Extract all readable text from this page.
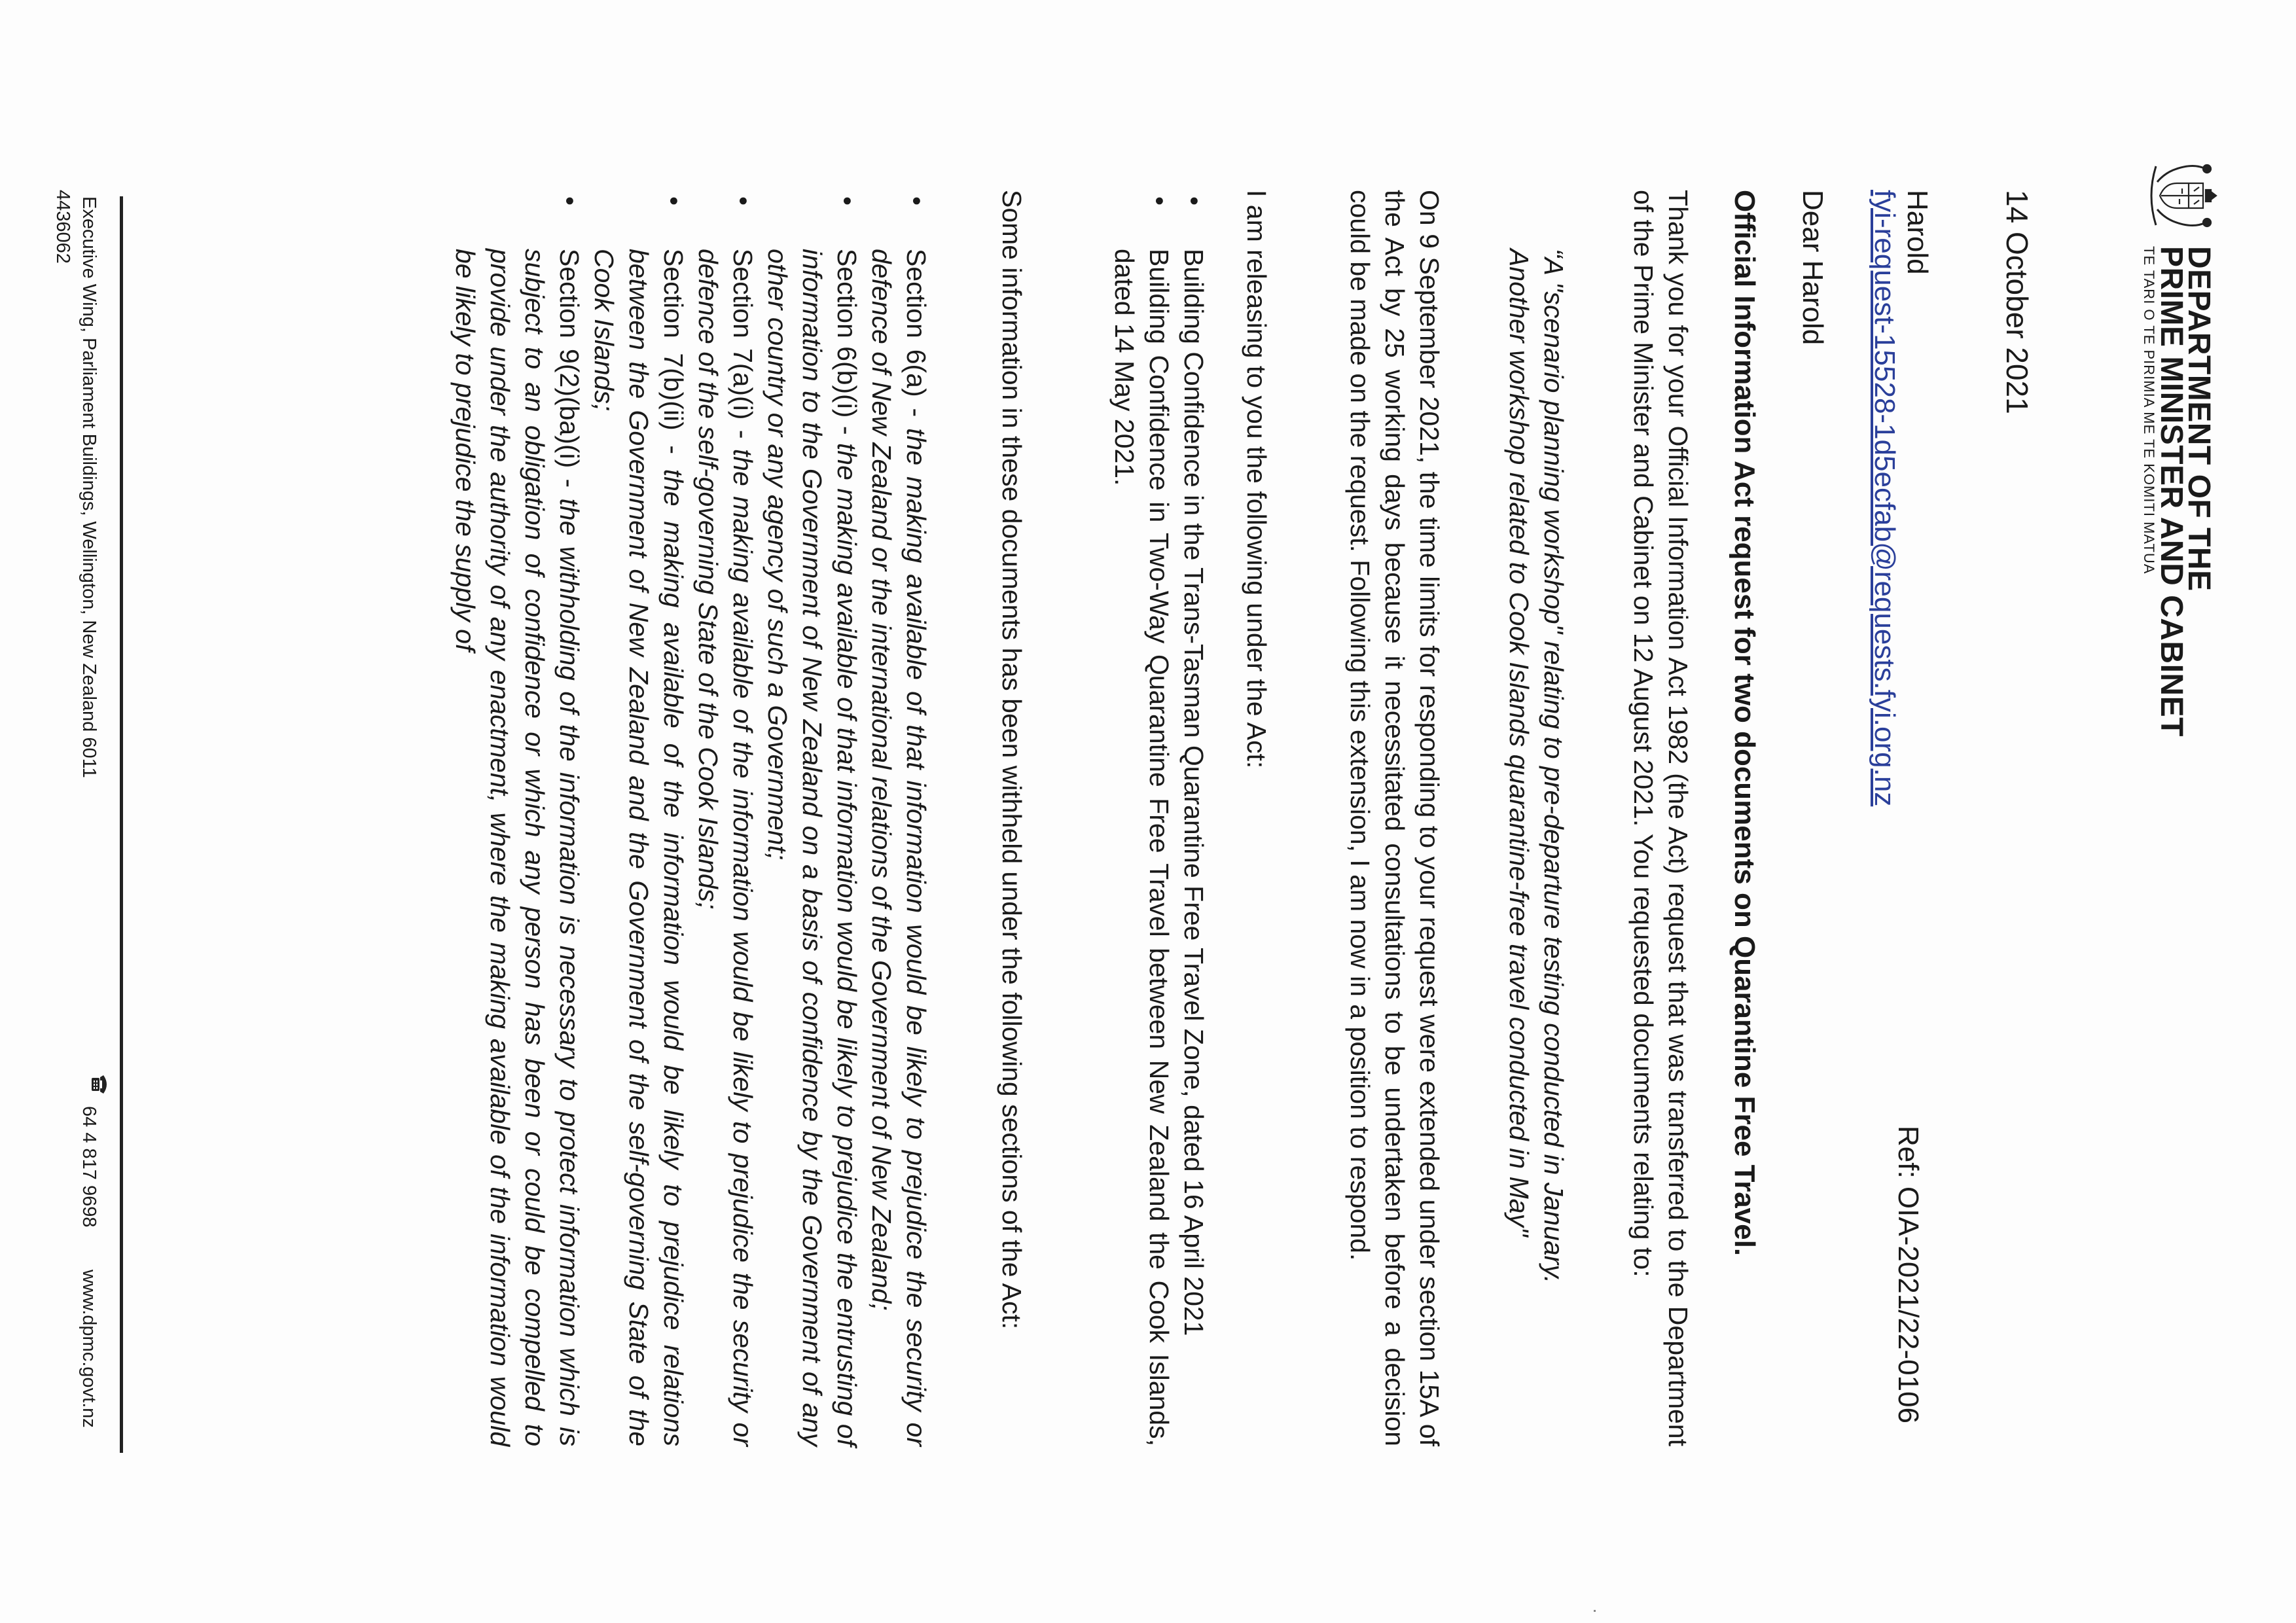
DEPARTMENT OF THE
PRIME MINISTER AND CABINET
TE TARI O TE PIRIMIA ME TE KOMITI MATUA
14 October 2021
Ref: OIA-2021/22-0106
Harold
fyi-request-15528-1d5ecfab@requests.fyi.org.nz
Dear Harold
Official Information Act request for two documents on Quarantine Free Travel.
Thank you for your Official Information Act 1982 (the Act) request that was transferred to the Department of the Prime Minister and Cabinet on 12 August 2021. You requested documents relating to:
“A "scenario planning workshop" relating to pre-departure testing conducted in January.
Another workshop related to Cook Islands quarantine-free travel conducted in May"
On 9 September 2021, the time limits for responding to your request were extended under section 15A of the Act by 25 working days because it necessitated consultations to be undertaken before a decision could be made on the request. Following this extension, I am now in a position to respond.
I am releasing to you the following under the Act:
•
Building Confidence in the Trans-Tasman Quarantine Free Travel Zone, dated 16 April 2021
•
Building Confidence in Two-Way Quarantine Free Travel between New Zealand the Cook Islands, dated 14 May 2021.
Some information in these documents has been withheld under the following sections of the Act:
•
Section 6(a) - the making available of that information would be likely to prejudice the security or defence of New Zealand or the international relations of the Government of New Zealand;
•
Section 6(b)(i) - the making available of that information would be likely to prejudice the entrusting of information to the Government of New Zealand on a basis of confidence by the Government of any other country or any agency of such a Government;
•
Section 7(a)(i) - the making available of the information would be likely to prejudice the security or defence of the self-governing State of the Cook Islands;
•
Section 7(b)(ii) - the making available of the information would be likely to prejudice relations between the Government of New Zealand and the Government of the self-governing State of the Cook Islands;
•
Section 9(2)(ba)(i) - the withholding of the information is necessary to protect information which is subject to an obligation of confidence or which any person has been or could be compelled to provide under the authority of any enactment, where the making available of the information would be likely to prejudice the supply of
Executive Wing, Parliament Buildings, Wellington, New Zealand 6011
64 4 817 9698
www.dpmc.govt.nz
4436062
